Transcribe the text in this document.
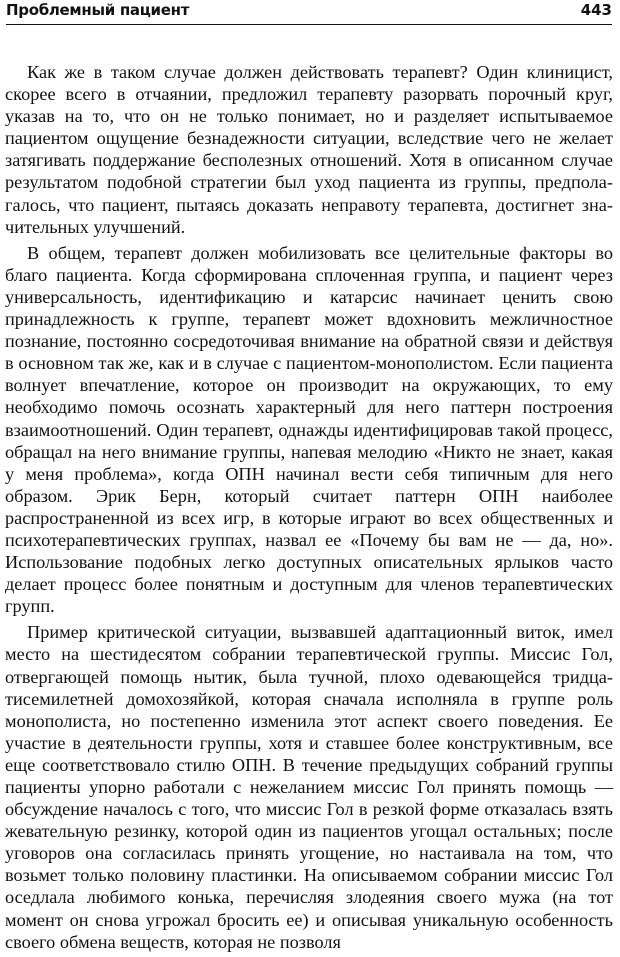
Проблемный пациент	443

Как же в таком случае должен действовать терапевт? Один клиницист, скорее всего в отчаянии, предложил терапевту разорвать порочный круг, указав на то, что он не только понимает, но и разделяет испытываемое пациентом ощущение безнадежности ситуации, вследствие чего не желает затягивать поддержание бесполезных отношений. Хотя в описанном случае результатом подобной стратегии был уход пациента из группы, предполагалось, что пациент, пытаясь доказать неправоту терапевта, достигнет значительных улучшений.

В общем, терапевт должен мобилизовать все целительные факторы во благо пациента. Когда сформирована сплоченная группа, и пациент через универсальность, идентификацию и катарсис начинает ценить свою принадлежность к группе, терапевт может вдохновить межличностное познание, постоянно сосредоточивая внимание на обратной связи и действуя в основном так же, как и в случае с пациентом-монополистом. Если пациента волнует впечатление, которое он производит на окружающих, то ему необходимо помочь осознать характерный для него паттерн построения взаимоотношений. Один терапевт, однажды идентифицировав такой процесс, обращал на него внимание группы, напевая мелодию «Никто не знает, какая у меня проблема», когда ОПН начинал вести себя типичным для него образом. Эрик Берн, который считает паттерн ОПН наиболее распространенной из всех игр, в которые играют во всех общественных и психотерапевтических группах, назвал ее «Почему бы вам не — да, но». Использование подобных легко доступных описательных ярлыков часто делает процесс более понятным и доступным для членов терапевтических групп.

Пример критической ситуации, вызвавшей адаптационный виток, имел место на шестидесятом собрании терапевтической группы. Миссис Гол, отвергающей помощь нытик, была тучной, плохо одевающейся тридцатисемилетней домохозяйкой, которая сначала исполняла в группе роль монополиста, но постепенно изменила этот аспект своего поведения. Ее участие в деятельности группы, хотя и ставшее более конструктивным, все еще соответствовало стилю ОПН. В течение предыдущих собраний группы пациенты упорно работали с нежеланием миссис Гол принять помощь — обсуждение началось с того, что миссис Гол в резкой форме отказалась взять жевательную резинку, которой один из пациентов угощал остальных; после уговоров она согласилась принять угощение, но настаивала на том, что возьмет только половину пластинки. На описываемом собрании миссис Гол оседлала любимого конька, перечисляя злодеяния своего мужа (на тот момент он снова угрожал бросить ее) и описывая уникальную особенность своего обмена веществ, которая не позволя
